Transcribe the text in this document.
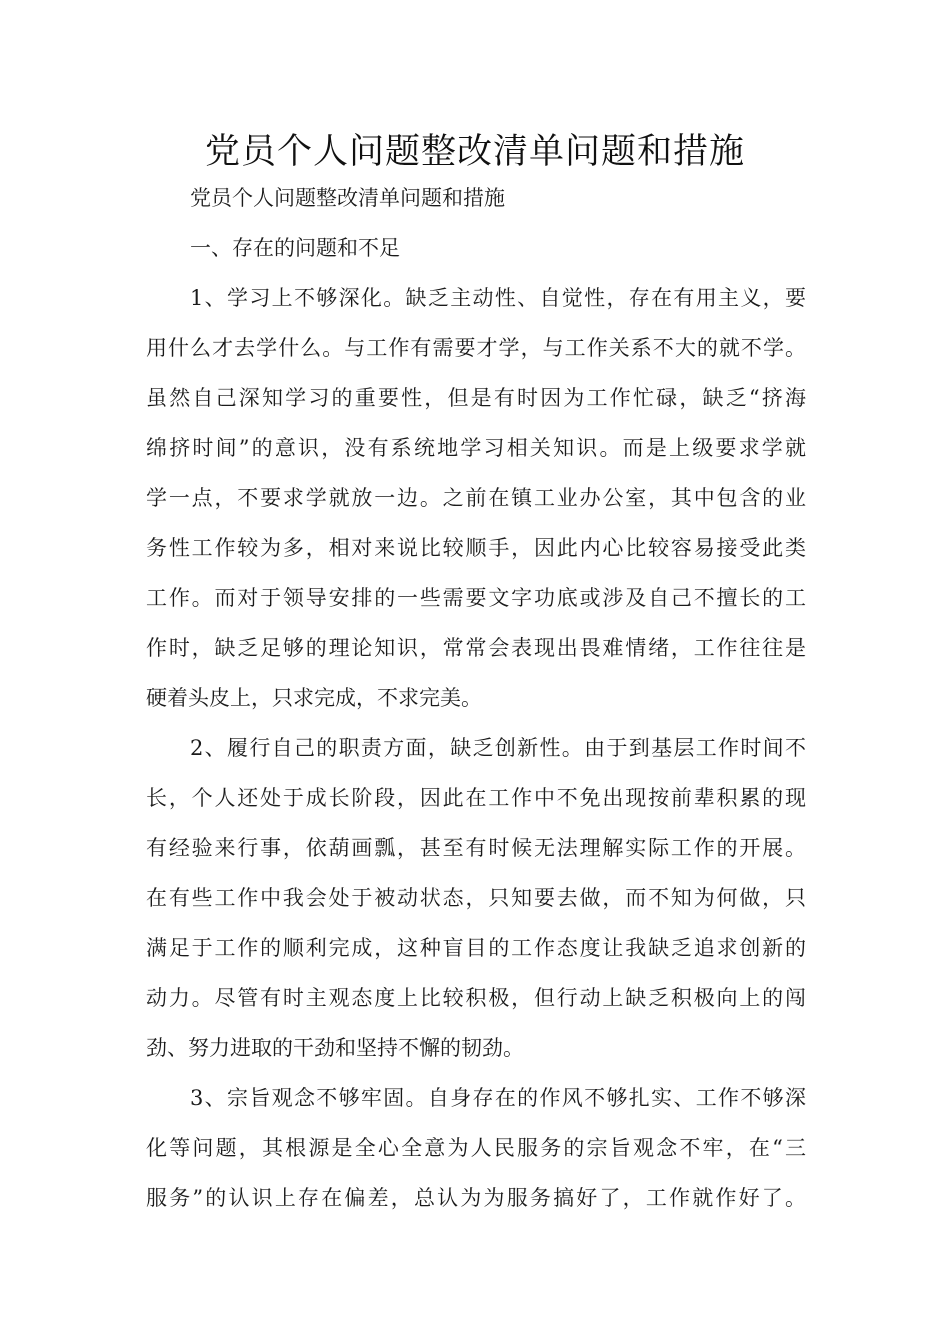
党员个人问题整改清单问题和措施
党员个人问题整改清单问题和措施
一、存在的问题和不足
1、学习上不够深化。缺乏主动性、自觉性，存在有用主义，要
用什么才去学什么。与工作有需要才学，与工作关系不大的就不学。
虽然自己深知学习的重要性，但是有时因为工作忙碌，缺乏“挤海
绵挤时间”的意识，没有系统地学习相关知识。而是上级要求学就
学一点，不要求学就放一边。之前在镇工业办公室，其中包含的业
务性工作较为多，相对来说比较顺手，因此内心比较容易接受此类
工作。而对于领导安排的一些需要文字功底或涉及自己不擅长的工
作时，缺乏足够的理论知识，常常会表现出畏难情绪，工作往往是
硬着头皮上，只求完成，不求完美。
2、履行自己的职责方面，缺乏创新性。由于到基层工作时间不
长，个人还处于成长阶段，因此在工作中不免出现按前辈积累的现
有经验来行事，依葫画瓢，甚至有时候无法理解实际工作的开展。
在有些工作中我会处于被动状态，只知要去做，而不知为何做，只
满足于工作的顺利完成，这种盲目的工作态度让我缺乏追求创新的
动力。尽管有时主观态度上比较积极，但行动上缺乏积极向上的闯
劲、努力进取的干劲和坚持不懈的韧劲。
3、宗旨观念不够牢固。自身存在的作风不够扎实、工作不够深
化等问题，其根源是全心全意为人民服务的宗旨观念不牢，在“三
服务”的认识上存在偏差，总认为为服务搞好了，工作就作好了。
